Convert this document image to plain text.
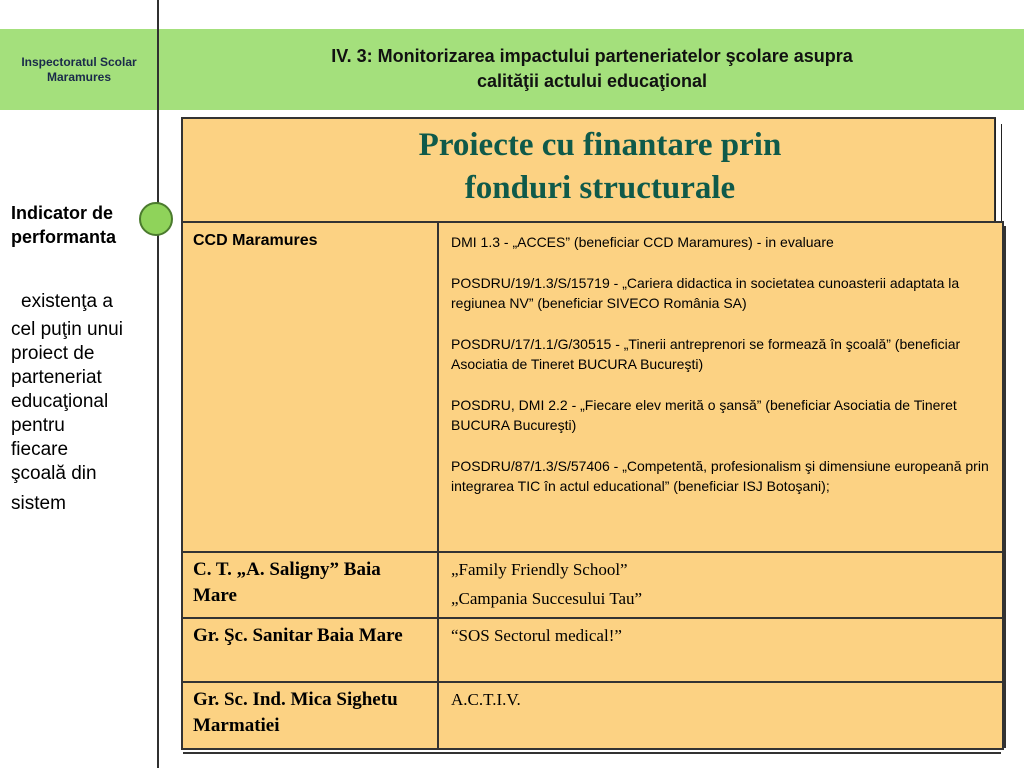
Inspectoratul Scolar
Maramures
IV. 3: Monitorizarea impactului parteneriatelor şcolare asupra
calităţii actului educaţional
Indicator de
performanta
existenţa a
cel puţin unui
proiect de
parteneriat
educaţional
pentru
fiecare
şcoală din
sistem
Proiecte cu finantare prin
fonduri structurale
CCD Maramures	DMI 1.3 - „ACCES” (beneficiar CCD Maramures) - in evaluare

POSDRU/19/1.3/S/15719 - „Cariera didactica in societatea cunoasterii adaptata la regiunea NV” (beneficiar SIVECO România SA)

POSDRU/17/1.1/G/30515 - „Tinerii antreprenori se formează în şcoală” (beneficiar Asociatia de Tineret BUCURA Bucureşti)

POSDRU, DMI 2.2 - „Fiecare elev merită o şansă” (beneficiar Asociatia de Tineret BUCURA Bucureşti)

POSDRU/87/1.3/S/57406 - „Competentă, profesionalism şi dimensiune europeană prin integrarea TIC în actul educational” (beneficiar ISJ Botoşani);

C. T. „A. Saligny” Baia Mare	„Family Friendly School”

„Campania Succesului Tau”

Gr. Şc. Sanitar Baia Mare	“SOS Sectorul medical!”

Gr. Sc. Ind. Mica Sighetu Marmatiei	A.C.T.I.V.
